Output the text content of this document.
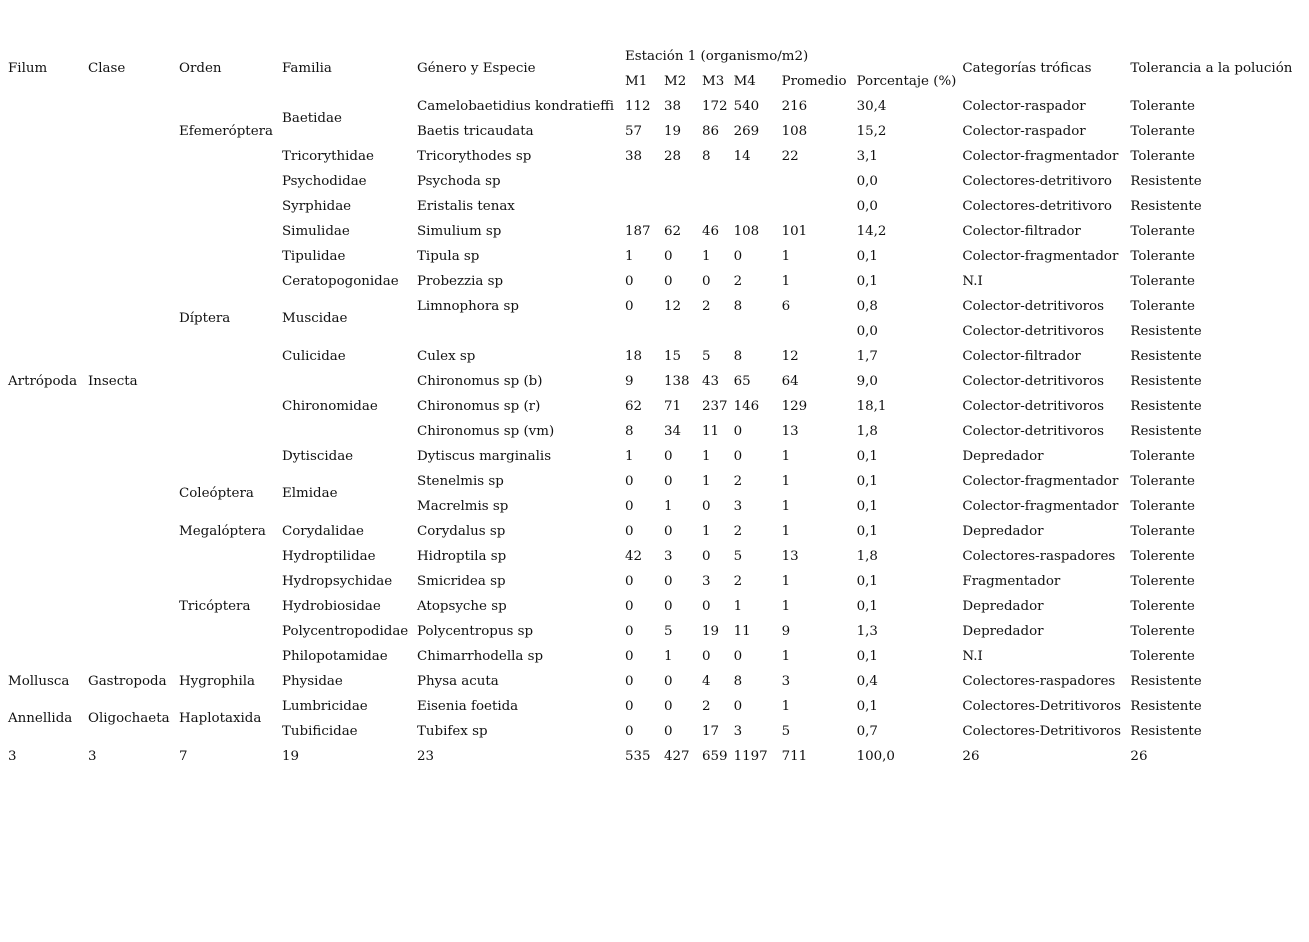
Filum	Clase	Orden	Familia	Género y Especie	Estación 1 (organismo/m2)						Categorías tróficas	Tolerancia a la polución
					M1	M2	M3	M4	Promedio	Porcentaje (%)		
Artrópoda	Insecta	Efemeróptera	Baetidae	Camelobaetidius kondratieffi	112	38	172	540	216	30,4	Colector-raspador	Tolerante
				Baetis tricaudata	57	19	86	269	108	15,2	Colector-raspador	Tolerante
			Tricorythidae	Tricorythodes sp	38	28	8	14	22	3,1	Colector-fragmentador	Tolerante
		Díptera	Psychodidae	Psychoda sp						0,0	Colectores-detritivoro	Resistente
			Syrphidae	Eristalis tenax						0,0	Colectores-detritivoro	Resistente
			Simulidae	Simulium sp	187	62	46	108	101	14,2	Colector-filtrador	Tolerante
			Tipulidae	Tipula sp	1	0	1	0	1	0,1	Colector-fragmentador	Tolerante
			Ceratopogonidae	Probezzia sp	0	0	0	2	1	0,1	N.I	Tolerante
			Muscidae	Limnophora sp	0	12	2	8	6	0,8	Colector-detritivoros	Tolerante
										0,0	Colector-detritivoros	Resistente
			Culicidae	Culex sp	18	15	5	8	12	1,7	Colector-filtrador	Resistente
			Chironomidae	Chironomus sp (b)	9	138	43	65	64	9,0	Colector-detritivoros	Resistente
				Chironomus sp (r)	62	71	237	146	129	18,1	Colector-detritivoros	Resistente
				Chironomus sp (vm)	8	34	11	0	13	1,8	Colector-detritivoros	Resistente
			Dytiscidae	Dytiscus marginalis	1	0	1	0	1	0,1	Depredador	Tolerante
		Coleóptera	Elmidae	Stenelmis sp	0	0	1	2	1	0,1	Colector-fragmentador	Tolerante
				Macrelmis sp	0	1	0	3	1	0,1	Colector-fragmentador	Tolerante
		Megalóptera	Corydalidae	Corydalus sp	0	0	1	2	1	0,1	Depredador	Tolerante
		Tricóptera	Hydroptilidae	Hidroptila sp	42	3	0	5	13	1,8	Colectores-raspadores	Tolerente
			Hydropsychidae	Smicridea sp	0	0	3	2	1	0,1	Fragmentador	Tolerente
			Hydrobiosidae	Atopsyche sp	0	0	0	1	1	0,1	Depredador	Tolerente
			Polycentropodidae	Polycentropus sp	0	5	19	11	9	1,3	Depredador	Tolerente
			Philopotamidae	Chimarrhodella sp	0	1	0	0	1	0,1	N.I	Tolerente
Mollusca	Gastropoda	Hygrophila	Physidae	Physa acuta	0	0	4	8	3	0,4	Colectores-raspadores	Resistente
Annellida	Oligochaeta	Haplotaxida	Lumbricidae	Eisenia foetida	0	0	2	0	1	0,1	Colectores-Detritivoros	Resistente
			Tubificidae	Tubifex sp	0	0	17	3	5	0,7	Colectores-Detritivoros	Resistente
3	3	7	19	23	535	427	659	1197	711	100,0	26	26
